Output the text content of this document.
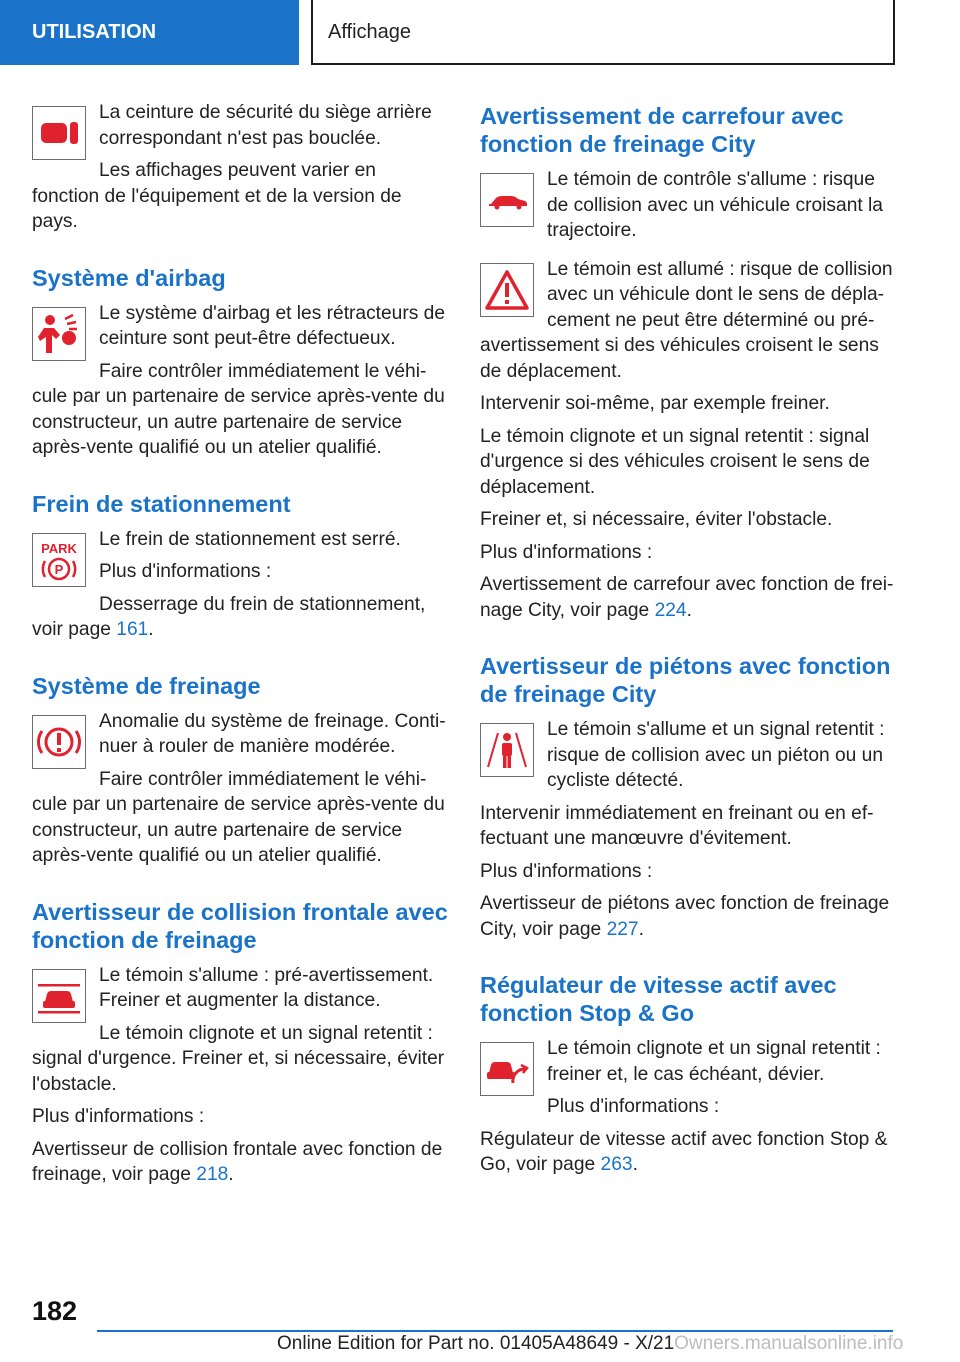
UTILISATION	Affichage

La ceinture de sécurité du siège arrière correspondant n'est pas bouclée.

Les affichages peuvent varier en fonction de l'équipement et de la version de pays.

Système d'airbag

Le système d'airbag et les rétracteurs de ceinture sont peut-être défectueux.

Faire contrôler immédiatement le véhi-cule par un partenaire de service après-vente du constructeur, un autre partenaire de service après-vente qualifié ou un atelier qualifié.

Frein de stationnement
PARK
P

Le frein de stationnement est serré.

Plus d'informations :

Desserrage du frein de stationnement, voir page 161.

Système de freinage

Anomalie du système de freinage. Conti-nuer à rouler de manière modérée.

Faire contrôler immédiatement le véhi-cule par un partenaire de service après-vente du constructeur, un autre partenaire de service après-vente qualifié ou un atelier qualifié.

Avertisseur de collision frontale avec fonction de freinage

Le témoin s'allume : pré-avertissement. Freiner et augmenter la distance.

Le témoin clignote et un signal retentit : signal d'urgence. Freiner et, si nécessaire, éviter l'obstacle.

Plus d'informations :

Avertisseur de collision frontale avec fonction de freinage, voir page 218.

Avertissement de carrefour avec fonction de freinage City

Le témoin de contrôle s'allume : risque de collision avec un véhicule croisant la trajectoire.

Le témoin est allumé : risque de collision avec un véhicule dont le sens de dépla-cement ne peut être déterminé ou pré-avertissement si des véhicules croisent le sens de déplacement.

Intervenir soi-même, par exemple freiner.

Le témoin clignote et un signal retentit : signal d'urgence si des véhicules croisent le sens de déplacement.

Freiner et, si nécessaire, éviter l'obstacle.

Plus d'informations :

Avertissement de carrefour avec fonction de frei-nage City, voir page 224.

Avertisseur de piétons avec fonction de freinage City

Le témoin s'allume et un signal retentit : risque de collision avec un piéton ou un cycliste détecté.

Intervenir immédiatement en freinant ou en ef-fectuant une manœuvre d'évitement.

Plus d'informations :

Avertisseur de piétons avec fonction de freinage City, voir page 227.

Régulateur de vitesse actif avec fonction Stop & Go

Le témoin clignote et un signal retentit : freiner et, le cas échéant, dévier.

Plus d'informations :

Régulateur de vitesse actif avec fonction Stop & Go, voir page 263.

182
Online Edition for Part no. 01405A48649 - X/21Owners.manualsonline.info
